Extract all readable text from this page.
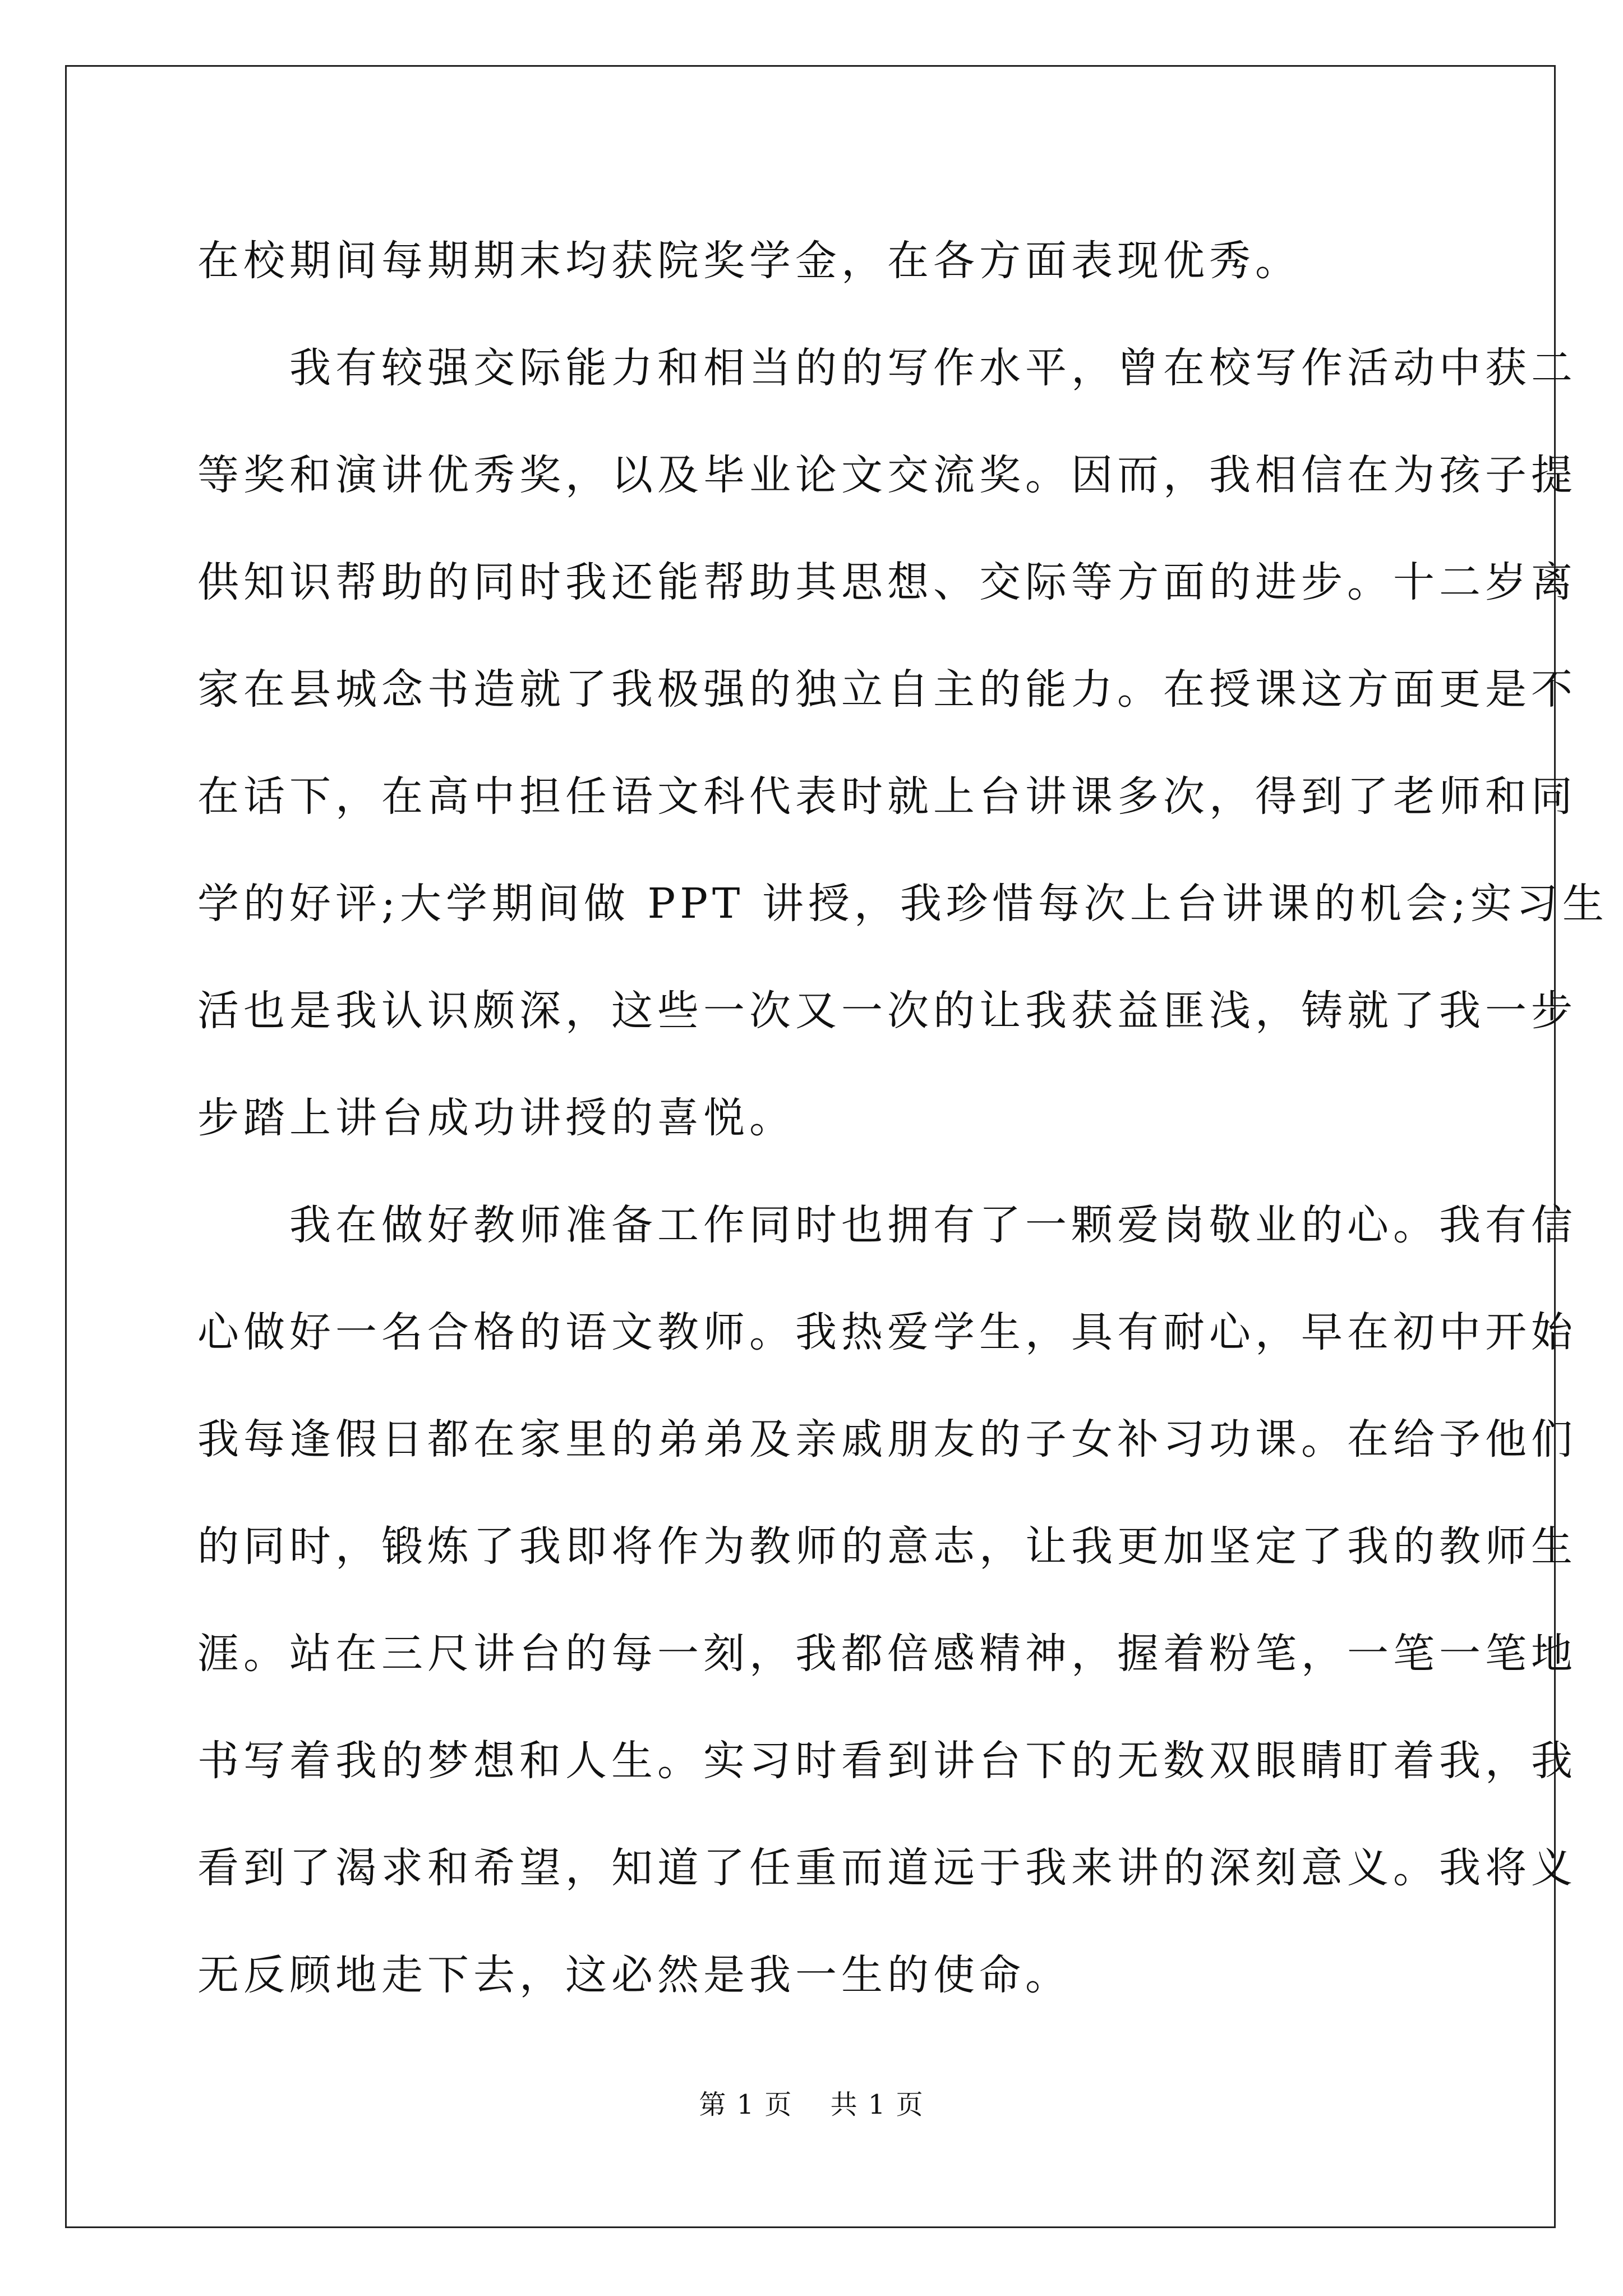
在校期间每期期末均获院奖学金，在各方面表现优秀。
　　我有较强交际能力和相当的的写作水平，曾在校写作活动中获二
等奖和演讲优秀奖，以及毕业论文交流奖。因而，我相信在为孩子提
供知识帮助的同时我还能帮助其思想、交际等方面的进步。十二岁离
家在县城念书造就了我极强的独立自主的能力。在授课这方面更是不
在话下，在高中担任语文科代表时就上台讲课多次，得到了老师和同
学的好评;大学期间做 PPT 讲授，我珍惜每次上台讲课的机会;实习生
活也是我认识颇深，这些一次又一次的让我获益匪浅，铸就了我一步
步踏上讲台成功讲授的喜悦。
　　我在做好教师准备工作同时也拥有了一颗爱岗敬业的心。我有信
心做好一名合格的语文教师。我热爱学生，具有耐心，早在初中开始
我每逢假日都在家里的弟弟及亲戚朋友的子女补习功课。在给予他们
的同时，锻炼了我即将作为教师的意志，让我更加坚定了我的教师生
涯。站在三尺讲台的每一刻，我都倍感精神，握着粉笔，一笔一笔地
书写着我的梦想和人生。实习时看到讲台下的无数双眼睛盯着我，我
看到了渴求和希望，知道了任重而道远于我来讲的深刻意义。我将义
无反顾地走下去，这必然是我一生的使命。
第 1 页　 共 1 页
